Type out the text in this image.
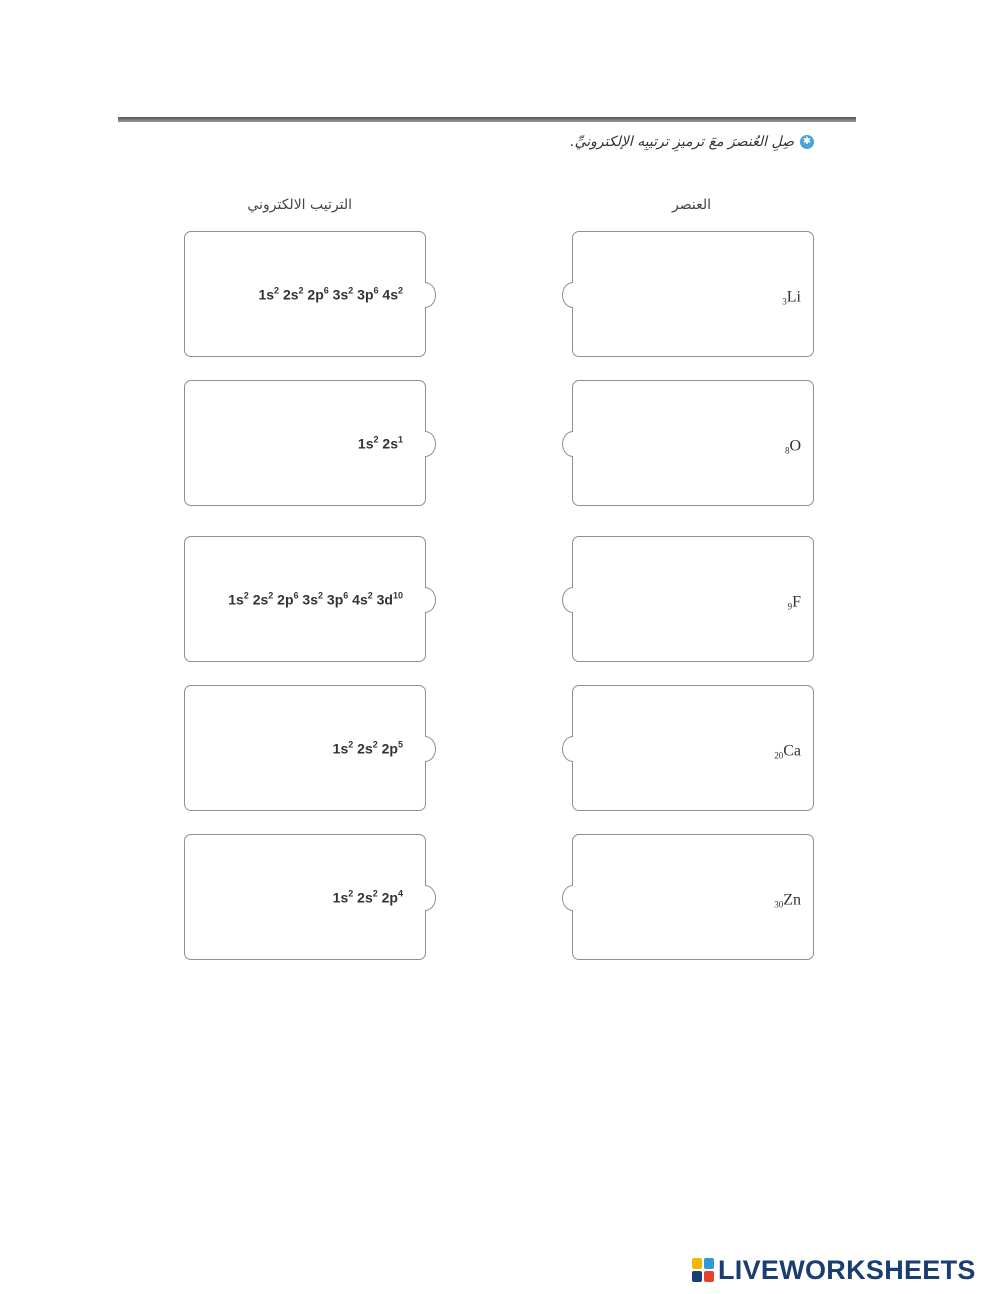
✱صِلِ العُنصرَ معَ ترميزِ ترتيبِه الإلكترونيِّ.
الترتيب الالكتروني	العنصر
$1s^2$ $2s^2$ $2p^6$ $3s^2$ $3p^6$ $4s^2$
$1s^2$ $2s^1$
$1s^2$ $2s^2$ $2p^6$ $3s^2$ $3p^6$ $4s^2$ $3d^{10}$
$1s^2$ $2s^2$ $2p^5$
$1s^2$ $2s^2$ $2p^4$
$_3$Li
$_8$O
$_9$F
$_{20}$Ca
$_{30}$Zn
LIVEWORKSHEETS
